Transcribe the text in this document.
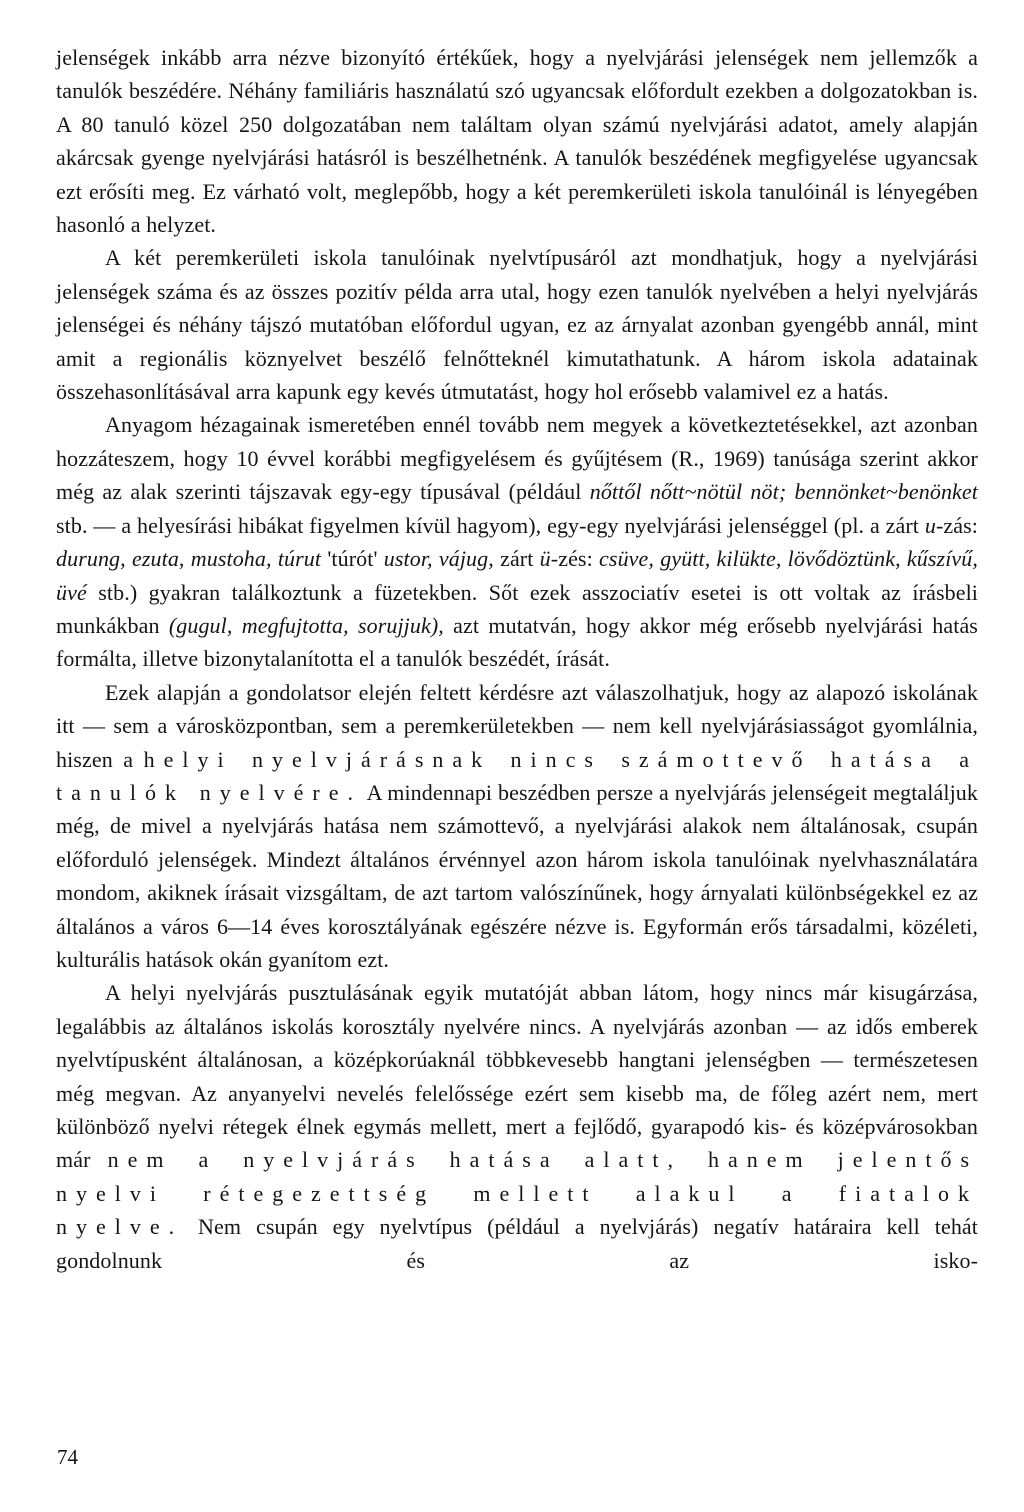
jelenségek inkább arra nézve bizonyító értékűek, hogy a nyelvjárási jelenségek nem jellemzők a tanulók beszédére. Néhány familiáris használatú szó ugyancsak előfordult ezekben a dolgozatokban is. A 80 tanuló közel 250 dolgozatában nem találtam olyan számú nyelvjárási adatot, amely alapján akárcsak gyenge nyelvjárási hatásról is beszélhetnénk. A tanulók beszédének megfigyelése ugyancsak ezt erősíti meg. Ez várható volt, meglepőbb, hogy a két peremkerületi iskola tanulóinál is lényegében hasonló a helyzet.

A két peremkerületi iskola tanulóinak nyelvtípusáról azt mondhatjuk, hogy a nyelvjárási jelenségek száma és az összes pozitív példa arra utal, hogy ezen tanulók nyelvében a helyi nyelvjárás jelenségei és néhány tájszó mutatóban előfordul ugyan, ez az árnyalat azonban gyengébb annál, mint amit a regionális köznyelvet beszélő felnőtteknél kimutathatunk. A három iskola adatainak összehasonlításával arra kapunk egy kevés útmutatást, hogy hol erősebb valamivel ez a hatás.

Anyagom hézagainak ismeretében ennél tovább nem megyek a következtetésekkel, azt azonban hozzáteszem, hogy 10 évvel korábbi megfigyelésem és gyűjtésem (R., 1969) tanúsága szerint akkor még az alak szerinti tájszavak egy-egy típusával (például nőttől nőtt~nötül nöt; bennönket~benönket stb. — a helyesírási hibákat figyelmen kívül hagyom), egy-egy nyelvjárási jelenséggel (pl. a zárt u-zás: durung, ezuta, mustoha, túrut 'túrót' ustor, vájug, zárt ü-zés: csüve, gyütt, kilükte, lövődöztünk, kűszívű, üvé stb.) gyakran találkoztunk a füzetekben. Sőt ezek asszociatív esetei is ott voltak az írásbeli munkákban (gugul, megfujtotta, sorujjuk), azt mutatván, hogy akkor még erősebb nyelvjárási hatás formálta, illetve bizonytalanította el a tanulók beszédét, írását.

Ezek alapján a gondolatsor elején feltett kérdésre azt válaszolhatjuk, hogy az alapozó iskolának itt — sem a városközpontban, sem a peremkerületekben — nem kell nyelvjárásiasságot gyomlálnia, hiszen a helyi nyelvjárásnak nincs számottevő hatása a tanulók nyelvére. A mindennapi beszédben persze a nyelvjárás jelenségeit megtaláljuk még, de mivel a nyelvjárás hatása nem számottevő, a nyelvjárási alakok nem általánosak, csupán előforduló jelenségek. Mindezt általános érvénnyel azon három iskola tanulóinak nyelvhasználatára mondom, akiknek írásait vizsgáltam, de azt tartom valószínűnek, hogy árnyalati különbségekkel ez az általános a város 6—14 éves korosztályának egészére nézve is. Egyformán erős társadalmi, közéleti, kulturális hatások okán gyanítom ezt.

A helyi nyelvjárás pusztulásának egyik mutatóját abban látom, hogy nincs már kisugárzása, legalábbis az általános iskolás korosztály nyelvére nincs. A nyelvjárás azonban — az idős emberek nyelvtípusként általánosan, a középkorúaknál többkevesebb hangtani jelenségben — természetesen még megvan. Az anyanyelvi nevelés felelőssége ezért sem kisebb ma, de főleg azért nem, mert különböző nyelvi rétegek élnek egymás mellett, mert a fejlődő, gyarapodó kis- és középvárosokban már nem a nyelvjárás hatása alatt, hanem jelentős nyelvi rétegezettség mellett alakul a fiatalok nyelve. Nem csupán egy nyelvtípus (például a nyelvjárás) negatív határaira kell tehát gondolnunk és az isko-

74
